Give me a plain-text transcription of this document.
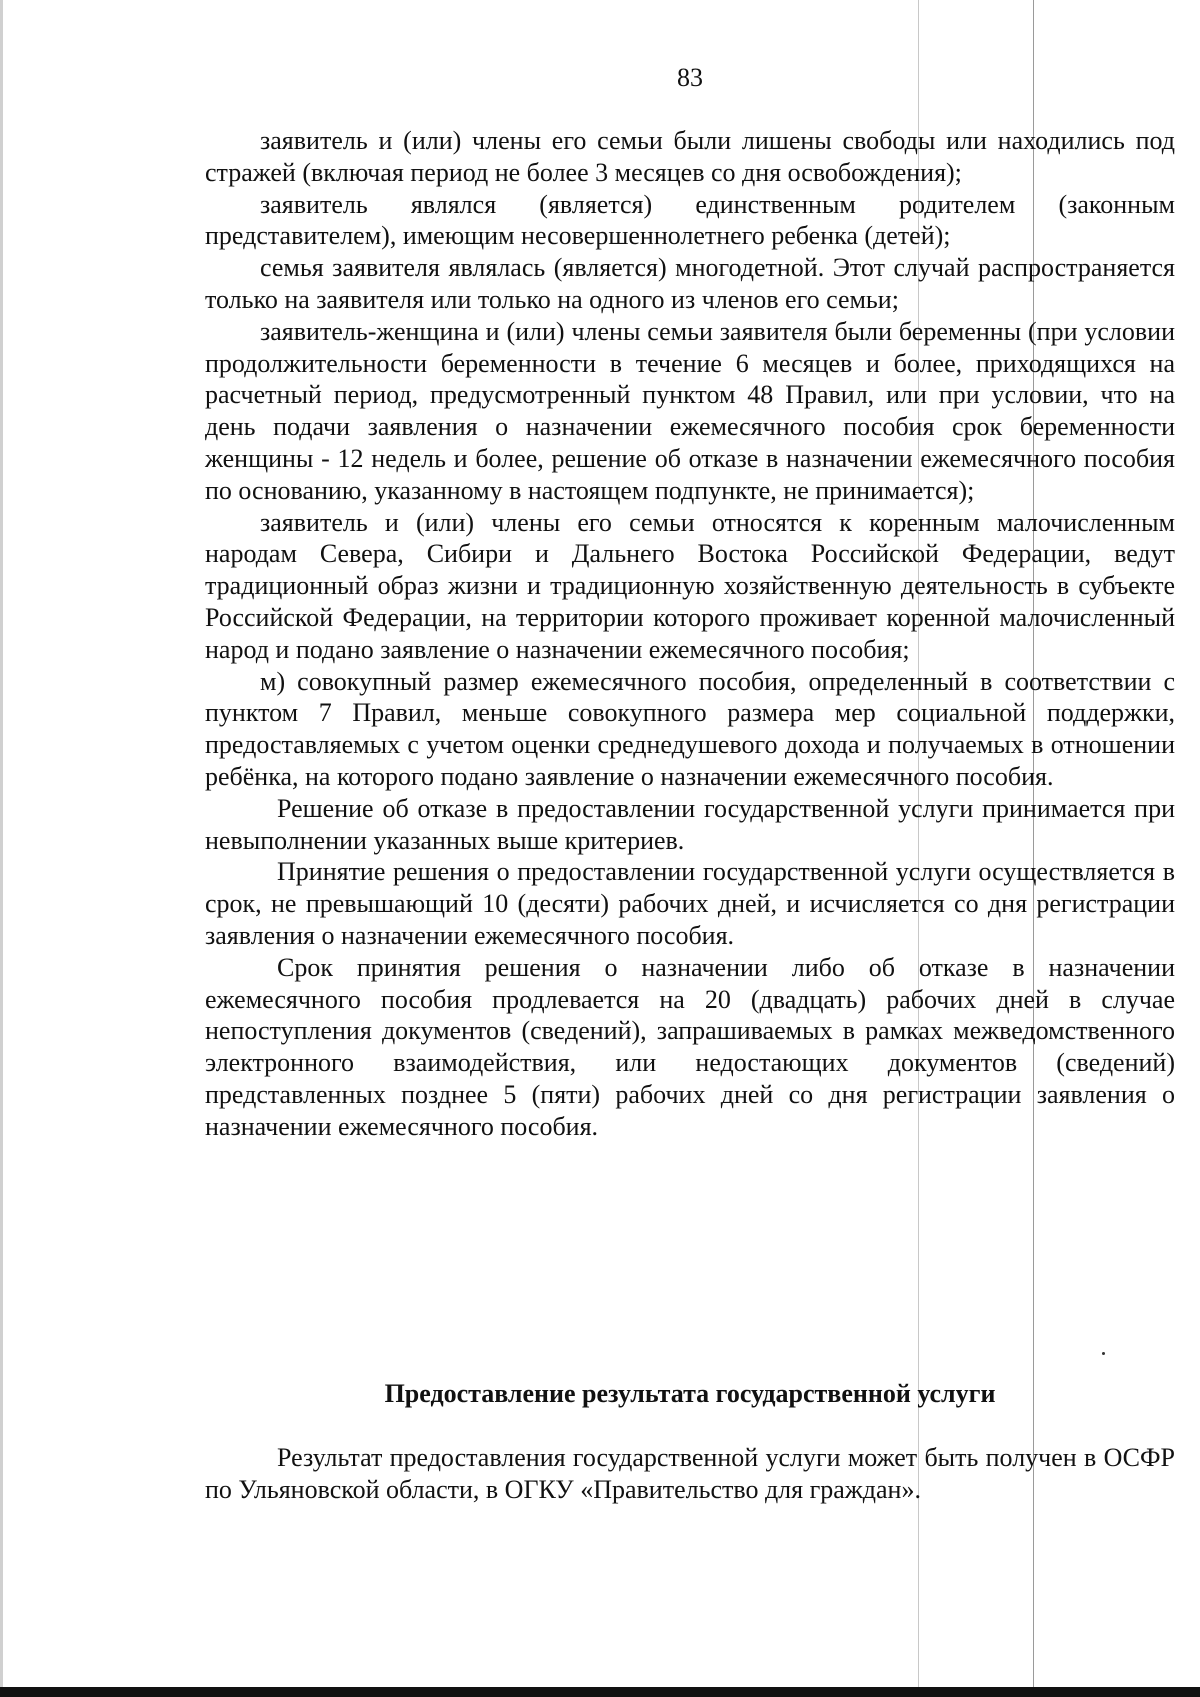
83

заявитель и (или) члены его семьи были лишены свободы или находились под стражей (включая период не более 3 месяцев со дня освобождения);

заявитель являлся (является) единственным родителем (законным представителем), имеющим несовершеннолетнего ребенка (детей);

семья заявителя являлась (является) многодетной. Этот случай распространяется только на заявителя или только на одного из членов его семьи;

заявитель-женщина и (или) члены семьи заявителя были беременны (при условии продолжительности беременности в течение 6 месяцев и более, приходящихся на расчетный период, предусмотренный пунктом 48 Правил, или при условии, что на день подачи заявления о назначении ежемесячного пособия срок беременности женщины - 12 недель и более, решение об отказе в назначении ежемесячного пособия по основанию, указанному в настоящем подпункте, не принимается);

заявитель и (или) члены его семьи относятся к коренным малочисленным народам Севера, Сибири и Дальнего Востока Российской Федерации, ведут традиционный образ жизни и традиционную хозяйственную деятельность в субъекте Российской Федерации, на территории которого проживает коренной малочисленный народ и подано заявление о назначении ежемесячного пособия;

м) совокупный размер ежемесячного пособия, определенный в соответствии с пунктом 7 Правил, меньше совокупного размера мер социальной поддержки, предоставляемых с учетом оценки среднедушевого дохода и получаемых в отношении ребёнка, на которого подано заявление о назначении ежемесячного пособия.

Решение об отказе в предоставлении государственной услуги принимается при невыполнении указанных выше критериев.

Принятие решения о предоставлении государственной услуги осуществляется в срок, не превышающий 10 (десяти) рабочих дней, и исчисляется со дня регистрации заявления о назначении ежемесячного пособия.

Срок принятия решения о назначении либо об отказе в назначении ежемесячного пособия продлевается на 20 (двадцать) рабочих дней в случае непоступления документов (сведений), запрашиваемых в рамках межведомственного электронного взаимодействия, или недостающих документов (сведений) представленных позднее 5 (пяти) рабочих дней со дня регистрации заявления о назначении ежемесячного пособия.

Предоставление результата государственной услуги

Результат предоставления государственной услуги может быть получен в ОСФР по Ульяновской области, в ОГКУ «Правительство для граждан».
